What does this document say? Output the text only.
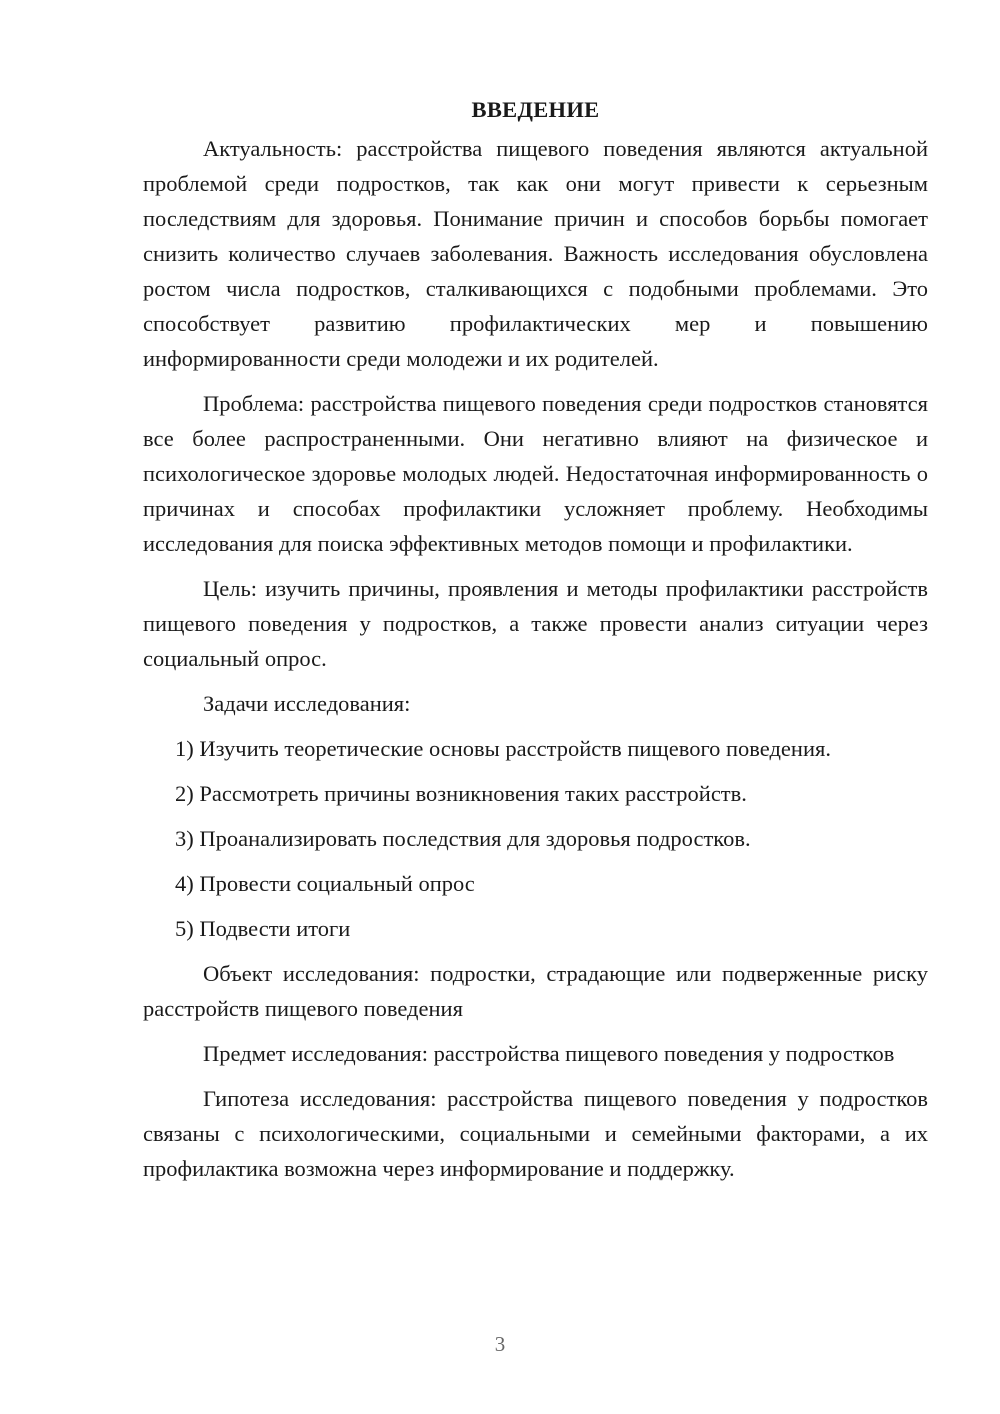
ВВЕДЕНИЕ

Актуальность: расстройства пищевого поведения являются актуальной проблемой среди подростков, так как они могут привести к серьезным последствиям для здоровья. Понимание причин и способов борьбы помогает снизить количество случаев заболевания. Важность исследования обусловлена ростом числа подростков, сталкивающихся с подобными проблемами. Это способствует развитию профилактических мер и повышению информированности среди молодежи и их родителей.

Проблема: расстройства пищевого поведения среди подростков становятся все более распространенными. Они негативно влияют на физическое и психологическое здоровье молодых людей. Недостаточная информированность о причинах и способах профилактики усложняет проблему. Необходимы исследования для поиска эффективных методов помощи и профилактики.

Цель: изучить причины, проявления и методы профилактики расстройств пищевого поведения у подростков, а также провести анализ ситуации через социальный опрос.

Задачи исследования:

1) Изучить теоретические основы расстройств пищевого поведения.

2) Рассмотреть причины возникновения таких расстройств.

3) Проанализировать последствия для здоровья подростков.

4) Провести социальный опрос

5) Подвести итоги

Объект исследования: подростки, страдающие или подверженные риску расстройств пищевого поведения

Предмет исследования: расстройства пищевого поведения у подростков

Гипотеза исследования: расстройства пищевого поведения у подростков связаны с психологическими, социальными и семейными факторами, а их профилактика возможна через информирование и поддержку.

3
